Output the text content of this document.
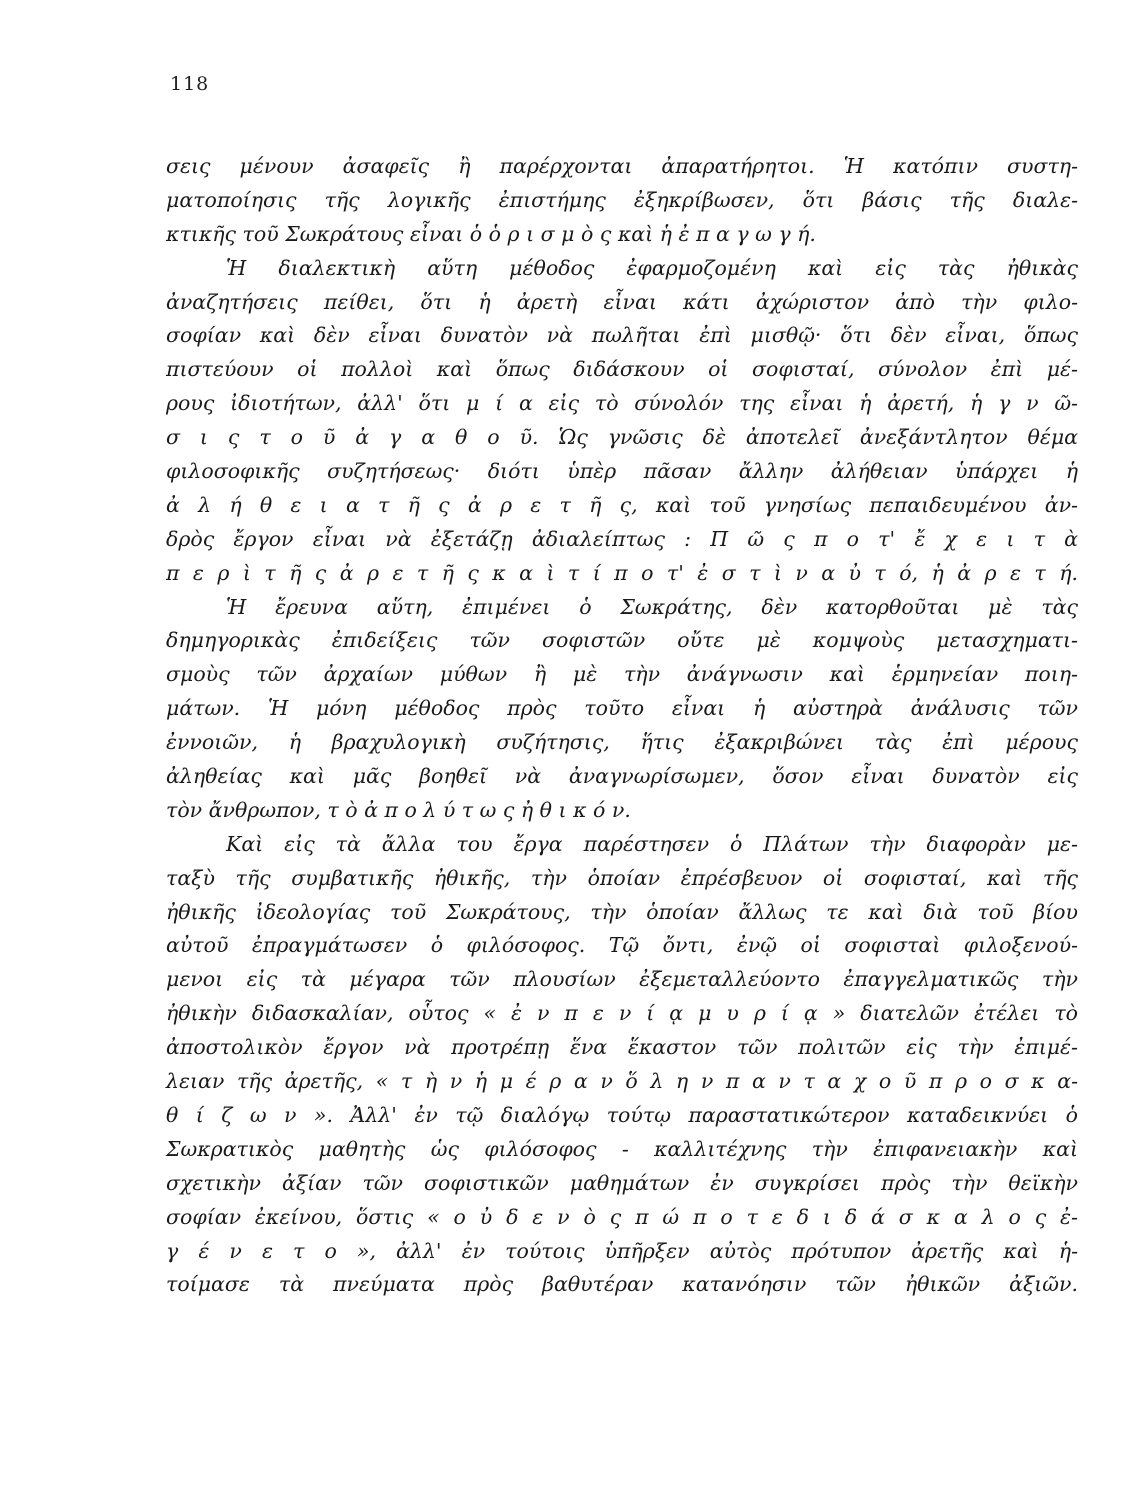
118
σεις μένουν ἀσαφεῖς ἢ παρέρχονται ἀπαρατήρητοι. Ἡ κατόπιν συστη-
ματοποίησις τῆς λογικῆς ἐπιστήμης ἐξηκρίβωσεν, ὅτι βάσις τῆς διαλε-
κτικῆς τοῦ Σωκράτους εἶναι ὁ ὁ ρ ι σ μ ὸ ς καὶ ἡ ἐ π α γ ω γ ή.
Ἡ διαλεκτικὴ αὕτη μέθοδος ἐφαρμοζομένη καὶ εἰς τὰς ἠθικὰς
ἀναζητήσεις πείθει, ὅτι ἡ ἀρετὴ εἶναι κάτι ἀχώριστον ἀπὸ τὴν φιλο-
σοφίαν καὶ δὲν εἶναι δυνατὸν νὰ πωλῆται ἐπὶ μισθῷ· ὅτι δὲν εἶναι, ὅπως
πιστεύουν οἱ πολλοὶ καὶ ὅπως διδάσκουν οἱ σοφισταί, σύνολον ἐπὶ μέ-
ρους ἰδιοτήτων, ἀλλ' ὅτι μ ί α εἰς τὸ σύνολόν της εἶναι ἡ ἀρετή, ἡ γ ν ῶ-
σ ι ς τ ο ῦ ἀ γ α θ ο ῦ. Ὡς γνῶσις δὲ ἀποτελεῖ ἀνεξάντλητον θέμα
φιλοσοφικῆς συζητήσεως· διότι ὑπὲρ πᾶσαν ἄλλην ἀλήθειαν ὑπάρχει ἡ
ἀ λ ή θ ε ι α τ ῆ ς ἀ ρ ε τ ῆ ς, καὶ τοῦ γνησίως πεπαιδευμένου ἀν-
δρὸς ἔργον εἶναι νὰ ἐξετάζῃ ἀδιαλείπτως : Π ῶ ς π ο τ' ἔ χ ε ι τ ὰ
π ε ρ ὶ τ ῆ ς ἀ ρ ε τ ῆ ς κ α ὶ τ ί π ο τ' ἐ σ τ ὶ ν α ὐ τ ό, ἡ ἀ ρ ε τ ή.
Ἡ ἔρευνα αὕτη, ἐπιμένει ὁ Σωκράτης, δὲν κατορθοῦται μὲ τὰς
δημηγορικὰς ἐπιδείξεις τῶν σοφιστῶν οὔτε μὲ κομψοὺς μετασχηματι-
σμοὺς τῶν ἀρχαίων μύθων ἢ μὲ τὴν ἀνάγνωσιν καὶ ἑρμηνείαν ποιη-
μάτων. Ἡ μόνη μέθοδος πρὸς τοῦτο εἶναι ἡ αὐστηρὰ ἀνάλυσις τῶν
ἐννοιῶν, ἡ βραχυλογικὴ συζήτησις, ἥτις ἐξακριβώνει τὰς ἐπὶ μέρους
ἀληθείας καὶ μᾶς βοηθεῖ νὰ ἀναγνωρίσωμεν, ὅσον εἶναι δυνατὸν εἰς
τὸν ἄνθρωπον, τ ὸ ἀ π ο λ ύ τ ω ς ἠ θ ι κ ό ν.
Καὶ εἰς τὰ ἄλλα του ἔργα παρέστησεν ὁ Πλάτων τὴν διαφορὰν με-
ταξὺ τῆς συμβατικῆς ἠθικῆς, τὴν ὁποίαν ἐπρέσβευον οἱ σοφισταί, καὶ τῆς
ἠθικῆς ἰδεολογίας τοῦ Σωκράτους, τὴν ὁποίαν ἄλλως τε καὶ διὰ τοῦ βίου
αὐτοῦ ἐπραγμάτωσεν ὁ φιλόσοφος. Τῷ ὄντι, ἐνῷ οἱ σοφισταὶ φιλοξενού-
μενοι εἰς τὰ μέγαρα τῶν πλουσίων ἐξεμεταλλεύοντο ἐπαγγελματικῶς τὴν
ἠθικὴν διδασκαλίαν, οὗτος « ἐ ν π ε ν ί ᾳ μ υ ρ ί ᾳ » διατελῶν ἐτέλει τὸ
ἀποστολικὸν ἔργον νὰ προτρέπῃ ἕνα ἕκαστον τῶν πολιτῶν εἰς τὴν ἐπιμέ-
λειαν τῆς ἀρετῆς, « τ ὴ ν ἡ μ έ ρ α ν ὅ λ η ν π α ν τ α χ ο ῦ π ρ ο σ κ α-
θ ί ζ ω ν ». Ἀλλ' ἐν τῷ διαλόγῳ τούτῳ παραστατικώτερον καταδεικνύει ὁ
Σωκρατικὸς μαθητὴς ὡς φιλόσοφος - καλλιτέχνης τὴν ἐπιφανειακὴν καὶ
σχετικὴν ἀξίαν τῶν σοφιστικῶν μαθημάτων ἐν συγκρίσει πρὸς τὴν θεϊκὴν
σοφίαν ἐκείνου, ὅστις « ο ὐ δ ε ν ὸ ς π ώ π ο τ ε δ ι δ ά σ κ α λ ο ς ἐ-
γ έ ν ε τ ο », ἀλλ' ἐν τούτοις ὑπῆρξεν αὐτὸς πρότυπον ἀρετῆς καὶ ἡ-
τοίμασε τὰ πνεύματα πρὸς βαθυτέραν κατανόησιν τῶν ἠθικῶν ἀξιῶν.
